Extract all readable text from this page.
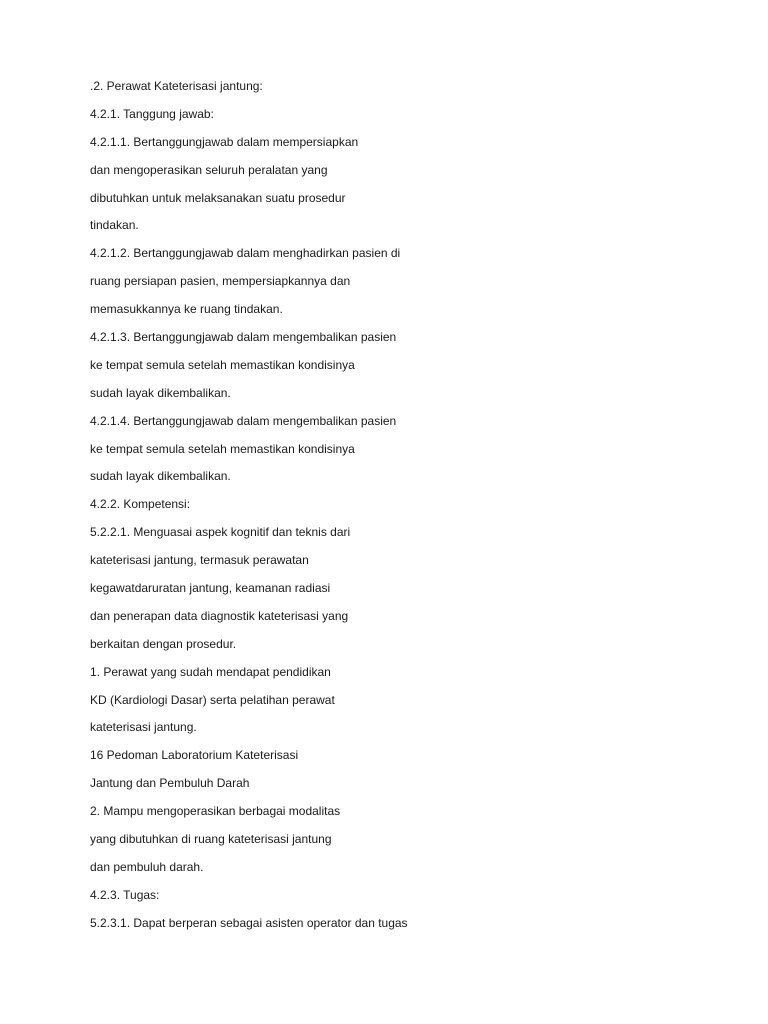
.2. Perawat Kateterisasi jantung:

4.2.1. Tanggung jawab:

4.2.1.1. Bertanggungjawab dalam mempersiapkan

dan mengoperasikan seluruh peralatan yang

dibutuhkan untuk melaksanakan suatu prosedur

tindakan.

4.2.1.2. Bertanggungjawab dalam menghadirkan pasien di

ruang persiapan pasien, mempersiapkannya dan

memasukkannya ke ruang tindakan.

4.2.1.3. Bertanggungjawab dalam mengembalikan pasien

ke tempat semula setelah memastikan kondisinya

sudah layak dikembalikan.

4.2.1.4. Bertanggungjawab dalam mengembalikan pasien

ke tempat semula setelah memastikan kondisinya

sudah layak dikembalikan.

4.2.2. Kompetensi:

5.2.2.1. Menguasai aspek kognitif dan teknis dari

kateterisasi jantung, termasuk perawatan

kegawatdaruratan jantung, keamanan radiasi

dan penerapan data diagnostik kateterisasi yang

berkaitan dengan prosedur.

1. Perawat yang sudah mendapat pendidikan

KD (Kardiologi Dasar) serta pelatihan perawat

kateterisasi jantung.

16 Pedoman Laboratorium Kateterisasi

Jantung dan Pembuluh Darah

2. Mampu mengoperasikan berbagai modalitas

yang dibutuhkan di ruang kateterisasi jantung

dan pembuluh darah.

4.2.3. Tugas:

5.2.3.1. Dapat berperan sebagai asisten operator dan tugas
